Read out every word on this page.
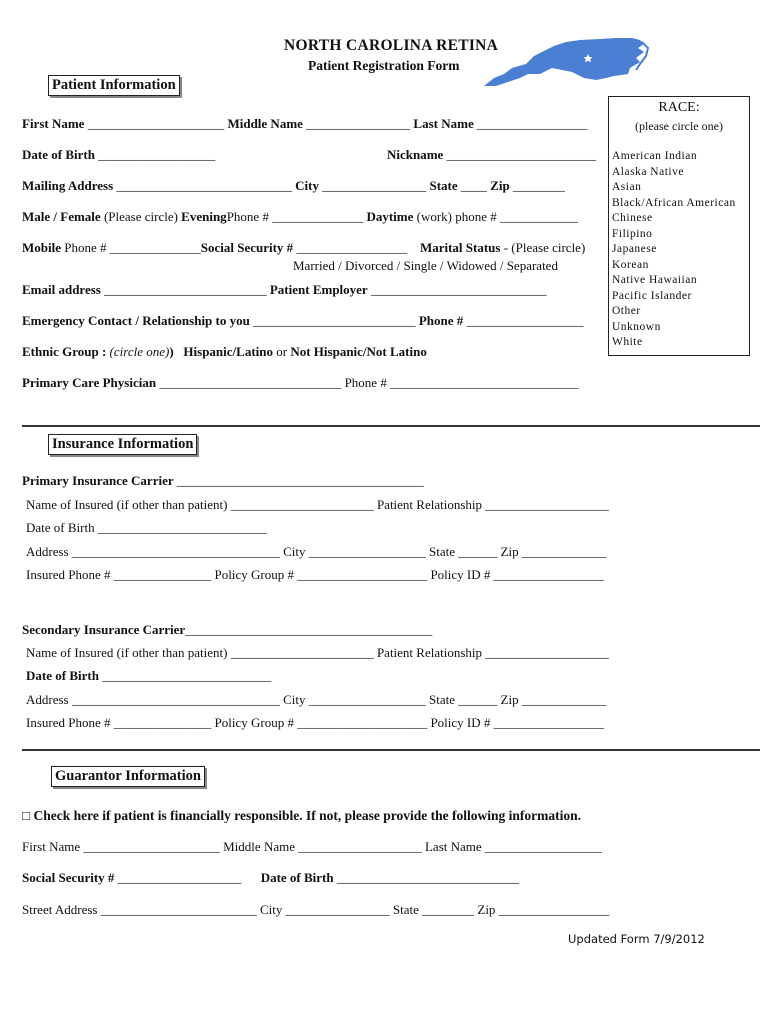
NORTH CAROLINA RETINA
Patient Registration Form
Patient Information
First Name _____________________ Middle Name ________________ Last Name _________________
Date of Birth __________________	Nickname _______________________
Mailing Address ___________________________ City ________________ State ____ Zip ________
Male / Female (Please circle) EveningPhone # ______________ Daytime (work) phone # ____________
Mobile Phone # ______________Social Security # _________________ Marital Status - (Please circle)
Married / Divorced / Single / Widowed / Separated
Email address _________________________ Patient Employer ___________________________
Emergency Contact / Relationship to you _________________________ Phone # __________________
Ethnic Group : (circle one)) Hispanic/Latino or Not Hispanic/Not Latino
Primary Care Physician ____________________________ Phone # _____________________________
RACE:
(please circle one)
American Indian
Alaska Native
Asian
Black/African American
Chinese
Filipino
Japanese
Korean
Native Hawaiian
Pacific Islander
Other
Unknown
White
Insurance Information
Primary Insurance Carrier ______________________________________
Name of Insured (if other than patient) ______________________ Patient Relationship ___________________
Date of Birth __________________________
Address ________________________________ City __________________ State ______ Zip _____________
Insured Phone # _______________ Policy Group # ____________________ Policy ID # _________________
Secondary Insurance Carrier______________________________________
Name of Insured (if other than patient) ______________________ Patient Relationship ___________________
Date of Birth __________________________
Address ________________________________ City __________________ State ______ Zip _____________
Insured Phone # _______________ Policy Group # ____________________ Policy ID # _________________
Guarantor Information
□ Check here if patient is financially responsible. If not, please provide the following information.
First Name _____________________ Middle Name ___________________ Last Name __________________
Social Security # ___________________ Date of Birth ____________________________
Street Address ________________________ City ________________ State ________ Zip _________________
Updated Form 7/9/2012
